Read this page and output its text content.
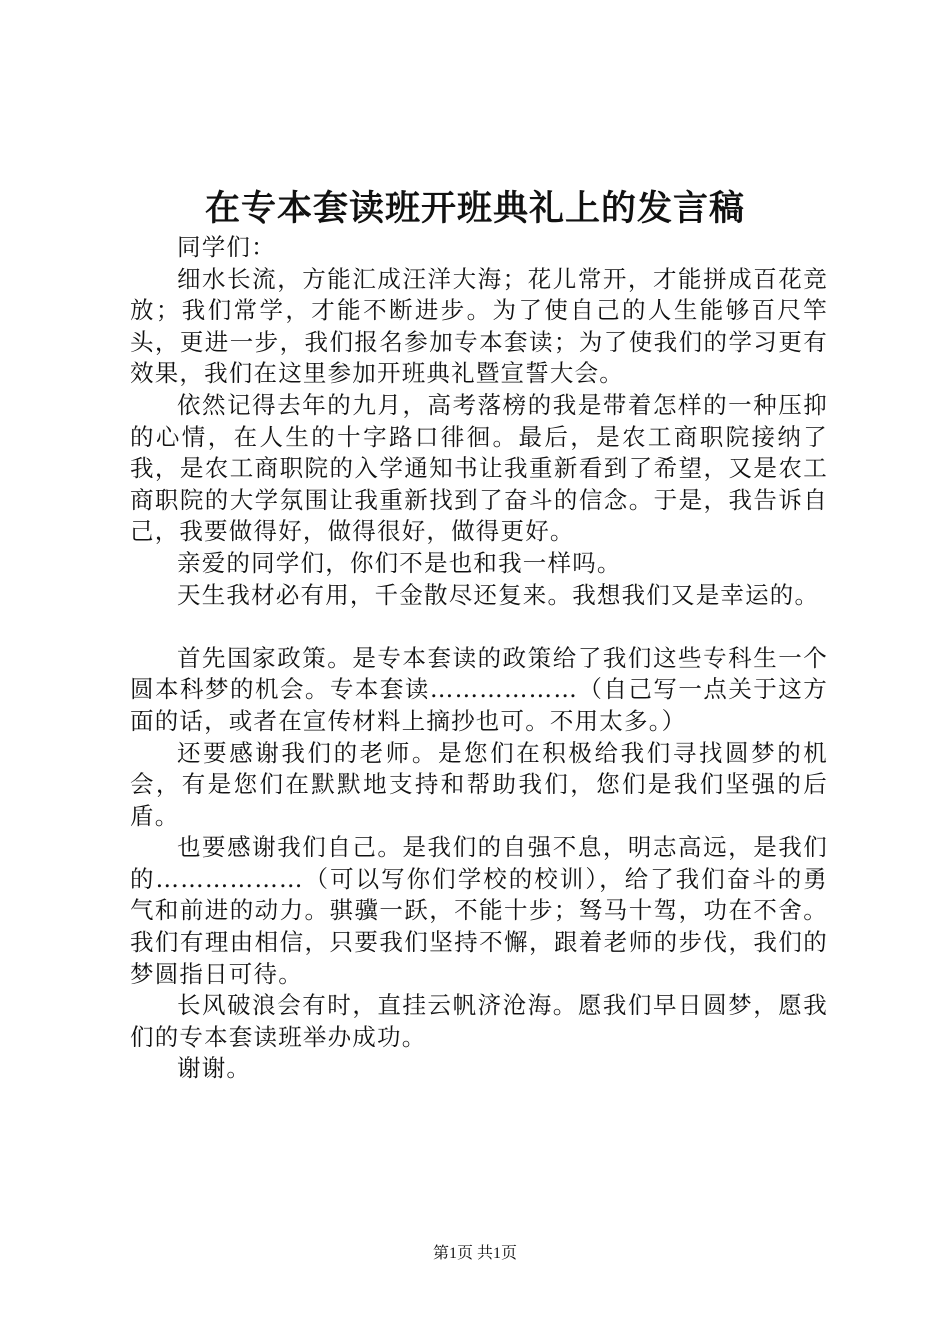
在专本套读班开班典礼上的发言稿

同学们：

细水长流，方能汇成汪洋大海；花儿常开，才能拼成百花竞放；我们常学，才能不断进步。为了使自己的人生能够百尺竿头，更进一步，我们报名参加专本套读；为了使我们的学习更有效果，我们在这里参加开班典礼暨宣誓大会。

依然记得去年的九月，高考落榜的我是带着怎样的一种压抑的心情，在人生的十字路口徘徊。最后，是农工商职院接纳了我，是农工商职院的入学通知书让我重新看到了希望，又是农工商职院的大学氛围让我重新找到了奋斗的信念。于是，我告诉自己，我要做得好，做得很好，做得更好。

亲爱的同学们，你们不是也和我一样吗。

天生我材必有用，千金散尽还复来。我想我们又是幸运的。

首先国家政策。是专本套读的政策给了我们这些专科生一个圆本科梦的机会。专本套读………………（自己写一点关于这方面的话，或者在宣传材料上摘抄也可。不用太多。）

还要感谢我们的老师。是您们在积极给我们寻找圆梦的机会，有是您们在默默地支持和帮助我们，您们是我们坚强的后盾。

也要感谢我们自己。是我们的自强不息，明志高远，是我们的………………（可以写你们学校的校训），给了我们奋斗的勇气和前进的动力。骐骥一跃，不能十步；驽马十驾，功在不舍。我们有理由相信，只要我们坚持不懈，跟着老师的步伐，我们的梦圆指日可待。

长风破浪会有时，直挂云帆济沧海。愿我们早日圆梦，愿我们的专本套读班举办成功。

谢谢。

第1页 共1页
